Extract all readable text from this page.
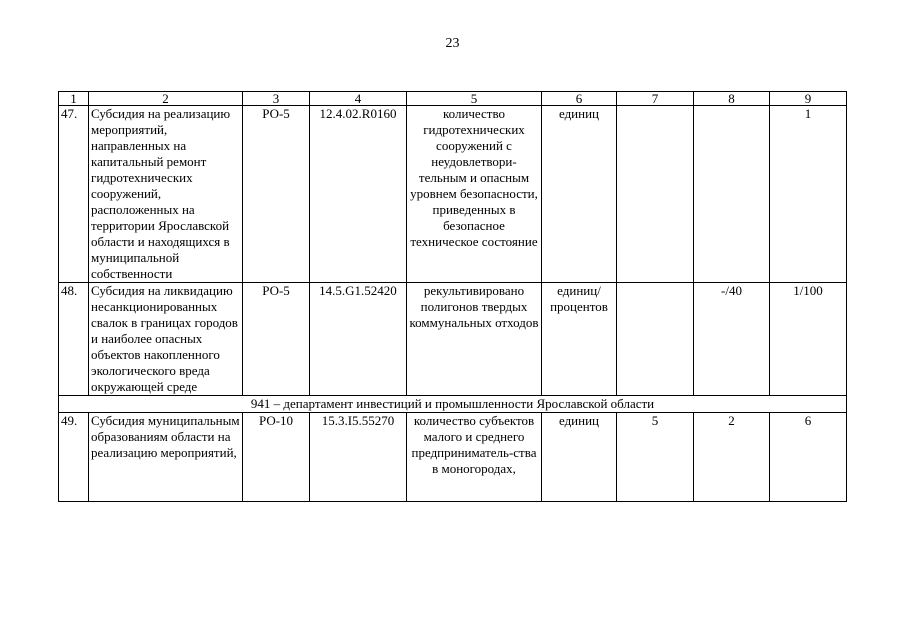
23
1	2	3	4	5	6	7	8	9
47.	Субсидия на реализацию мероприятий, направленных на капитальный ремонт гидротехнических сооружений, расположенных на территории Ярославской области и находящихся в муниципальной собственности	РО-5	12.4.02.R0160	количество гидротехнических сооружений с неудовлетвори-тельным и опасным уровнем безопасности, приведенных в безопасное техническое состояние	единиц			1
48.	Субсидия на ликвидацию несанкционированных свалок в границах городов и наиболее опасных объектов накопленного экологического вреда окружающей среде	РО-5	14.5.G1.52420	рекультивировано полигонов твердых коммунальных отходов	единиц/ процентов		-/40	1/100
941 – департамент инвестиций и промышленности Ярославской области								
49.	Субсидия муниципальным образованиям области на реализацию мероприятий,	РО-10	15.3.I5.55270	количество субъектов малого и среднего предприниматель-ства в моногородах,	единиц	5	2	6
